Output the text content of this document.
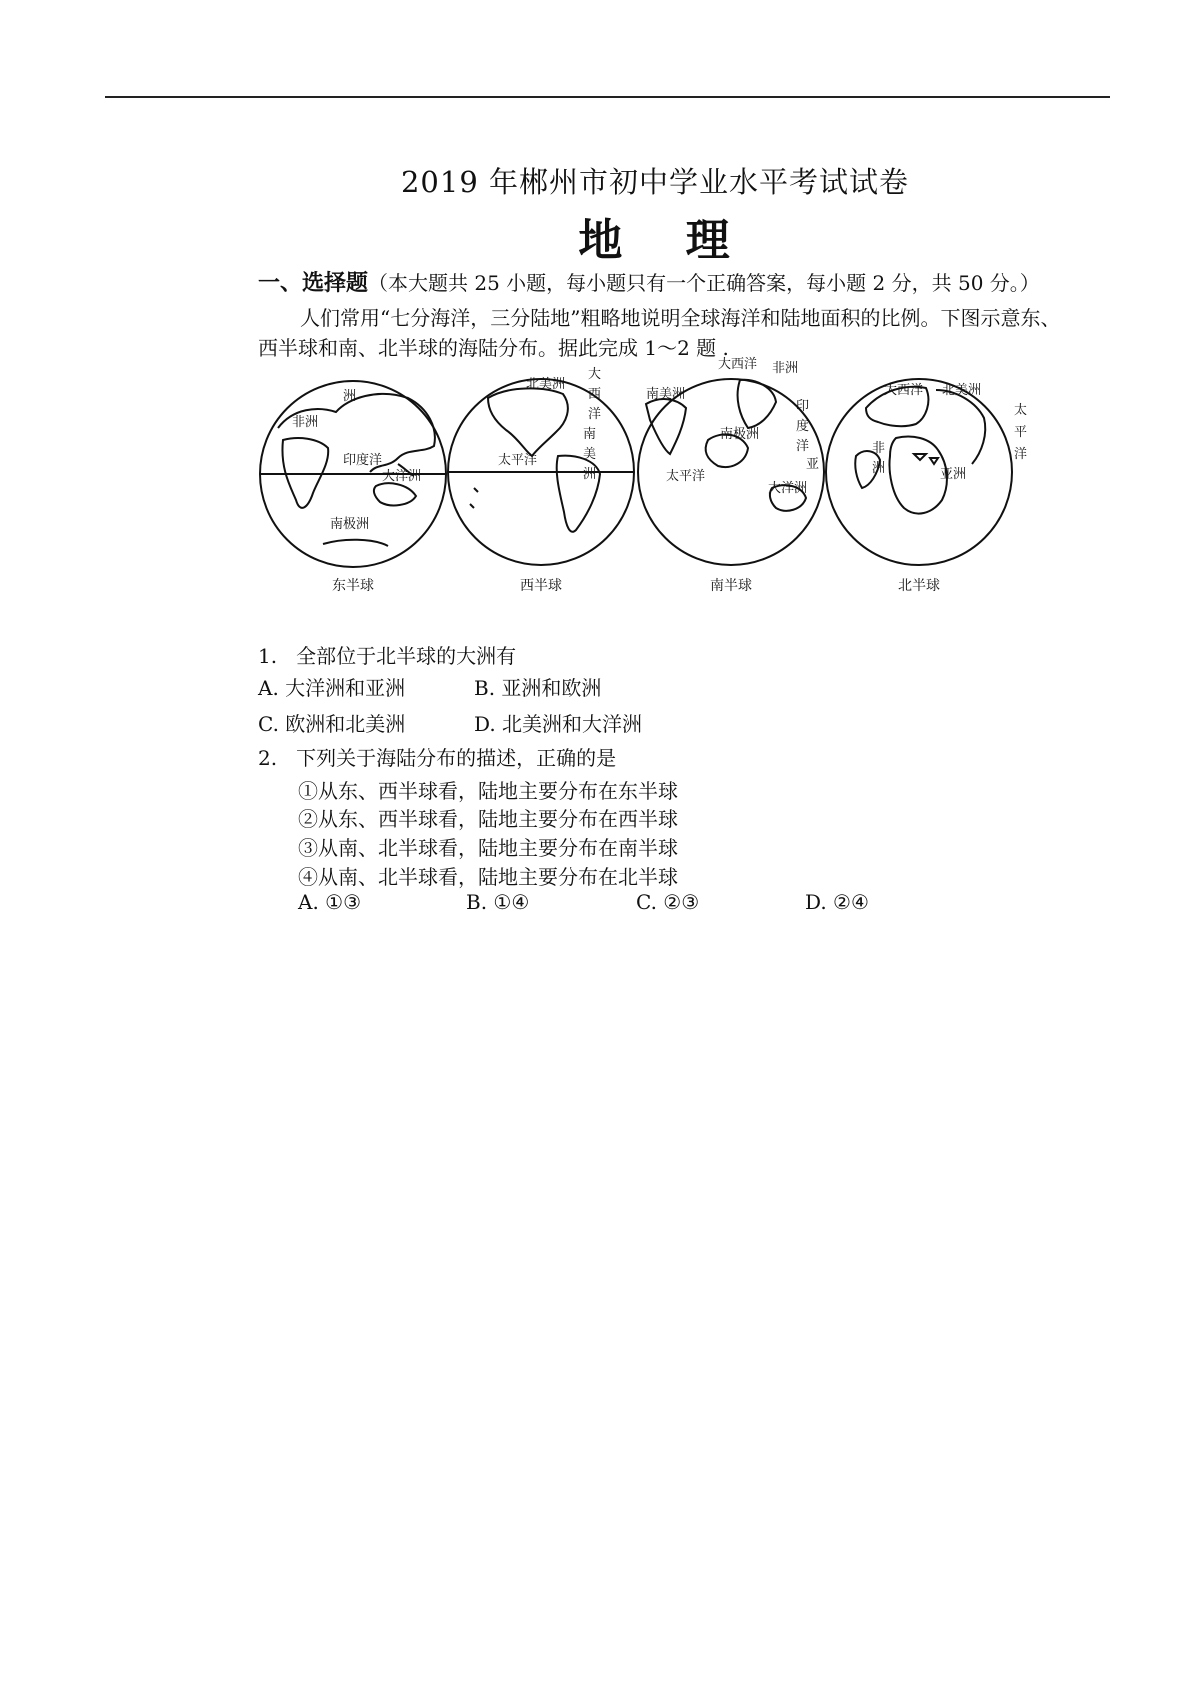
2019 年郴州市初中学业水平考试试卷
地 理
一、选择题（本大题共 25 小题，每小题只有一个正确答案，每小题 2 分，共 50 分。）
人们常用“七分海洋，三分陆地”粗略地说明全球海洋和陆地面积的比例。下图示意东、
西半球和南、北半球的海陆分布。据此完成 1～2 题 .
洲
非洲
印度洋
大洋洲
南极洲
北美洲
大
西
洋
南
美
洲
太平洋
大西洋 非洲
南美洲
南极洲
印
度
洋
太平洋
大洋洲
亚
大西洋 北美洲
太
平
洋
非
洲	亚洲
东半球	西半球	南半球	北半球
1. 全部位于北半球的大洲有
A. 大洋洲和亚洲	B. 亚洲和欧洲
C. 欧洲和北美洲	D. 北美洲和大洋洲
2. 下列关于海陆分布的描述，正确的是
①从东、西半球看，陆地主要分布在东半球
②从东、西半球看，陆地主要分布在西半球
③从南、北半球看，陆地主要分布在南半球
④从南、北半球看，陆地主要分布在北半球
A. ①③	B. ①④	C. ②③	D. ②④
